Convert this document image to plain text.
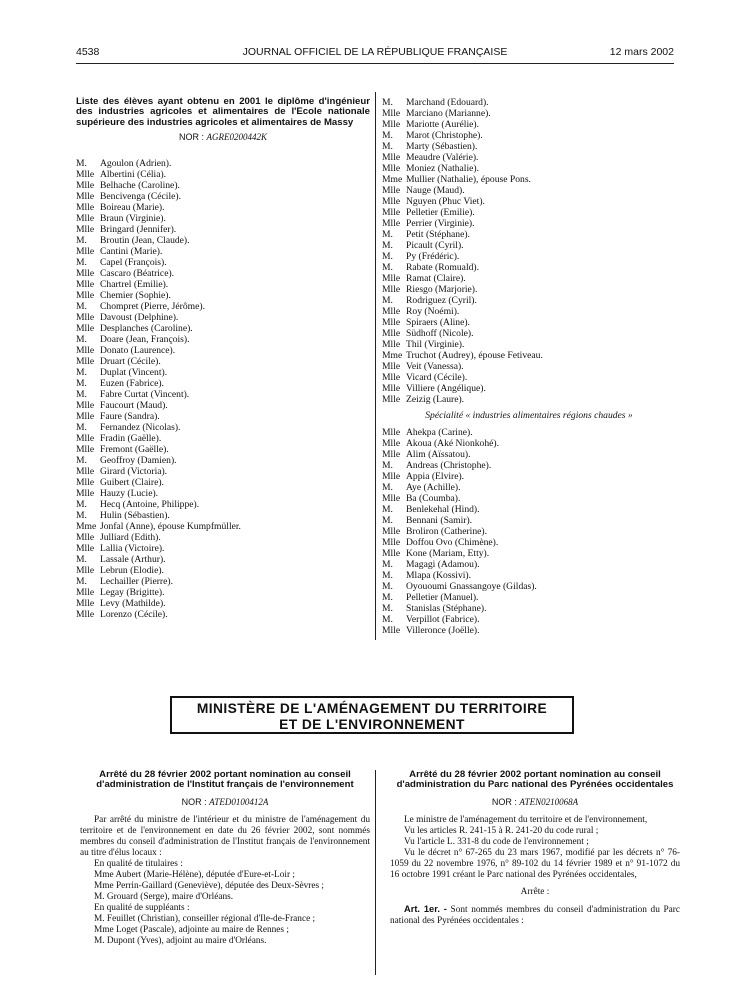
4538	JOURNAL OFFICIEL DE LA RÉPUBLIQUE FRANÇAISE	12 mars 2002
Liste des élèves ayant obtenu en 2001 le diplôme d'ingénieur des industries agricoles et alimentaires de l'Ecole nationale supérieure des industries agricoles et alimentaires de Massy
NOR : AGRE0200442K
M. Agoulon (Adrien).
Mlle Albertini (Célia).
Mlle Belhache (Caroline).
Mlle Bencivenga (Cécile).
Mlle Boireau (Marie).
Mlle Braun (Virginie).
Mlle Bringard (Jennifer).
M. Broutin (Jean, Claude).
Mlle Cantini (Marie).
M. Capel (François).
Mlle Cascaro (Béatrice).
Mlle Chartrel (Emilie).
Mlle Chemier (Sophie).
M. Chompret (Pierre, Jérôme).
Mlle Davoust (Delphine).
Mlle Desplanches (Caroline).
M. Doare (Jean, François).
Mlle Donato (Laurence).
Mlle Druart (Cécile).
M. Duplat (Vincent).
M. Euzen (Fabrice).
M. Fabre Curtat (Vincent).
Mlle Faucourt (Maud).
Mlle Faure (Sandra).
M. Fernandez (Nicolas).
Mlle Fradin (Gaëlle).
Mlle Fremont (Gaëlle).
M. Geoffroy (Damien).
Mlle Girard (Victoria).
Mlle Guibert (Claire).
Mlle Hauzy (Lucie).
M. Hecq (Antoine, Philippe).
M. Hulin (Sébastien).
Mme Jonfal (Anne), épouse Kumpfmüller.
Mlle Julliard (Edith).
Mlle Lallia (Victoire).
M. Lassale (Arthur).
Mlle Lebrun (Elodie).
M. Lechailler (Pierre).
Mlle Legay (Brigitte).
Mlle Levy (Mathilde).
Mlle Lorenzo (Cécile).
M. Marchand (Edouard).
Mlle Marciano (Marianne).
Mlle Mariotte (Aurélie).
M. Marot (Christophe).
M. Marty (Sébastien).
Mlle Meaudre (Valérie).
Mlle Moniez (Nathalie).
Mme Mullier (Nathalie), épouse Pons.
Mlle Nauge (Maud).
Mlle Nguyen (Phuc Viet).
Mlle Pelletier (Emilie).
Mlle Perrier (Virginie).
M. Petit (Stéphane).
M. Picault (Cyril).
M. Py (Frédéric).
M. Rabate (Romuald).
Mlle Ramat (Claire).
Mlle Riesgo (Marjorie).
M. Rodriguez (Cyril).
Mlle Roy (Noémi).
Mlle Spiraers (Aline).
Mlle Südhoff (Nicole).
Mlle Thil (Virginie).
Mme Truchot (Audrey), épouse Fetiveau.
Mlle Veit (Vanessa).
Mlle Vicard (Cécile).
Mlle Villiere (Angélique).
Mlle Zeizig (Laure).
Spécialité « industries alimentaires régions chaudes »
Mlle Ahekpa (Carine).
Mlle Akoua (Aké Nionkohé).
Mlle Alim (Aïssatou).
M. Andreas (Christophe).
Mlle Appia (Elvire).
M. Aye (Achille).
Mlle Ba (Coumba).
M. Benlekehal (Hind).
M. Bennani (Samir).
Mlle Broliron (Catherine).
Mlle Doffou Ovo (Chimène).
Mlle Kone (Mariam, Etty).
M. Magagi (Adamou).
M. Mlapa (Kossivi).
M. Oyououmi Gnassangoye (Gildas).
M. Pelletier (Manuel).
M. Stanislas (Stéphane).
M. Verpillot (Fabrice).
Mlle Villeronce (Joëlle).
MINISTÈRE DE L'AMÉNAGEMENT DU TERRITOIRE
ET DE L'ENVIRONNEMENT
Arrêté du 28 février 2002 portant nomination au conseil d'administration de l'Institut français de l'environnement
NOR : ATED0100412A

Par arrêté du ministre de l'intérieur et du ministre de l'aménagement du territoire et de l'environnement en date du 26 février 2002, sont nommés membres du conseil d'administration de l'Institut français de l'environnement au titre d'élus locaux :

En qualité de titulaires :

Mme Aubert (Marie-Hélène), députée d'Eure-et-Loir ;

Mme Perrin-Gaillard (Geneviève), députée des Deux-Sèvres ;

M. Grouard (Serge), maire d'Orléans.

En qualité de suppléants :

M. Feuillet (Christian), conseiller régional d'Ile-de-France ;

Mme Loget (Pascale), adjointe au maire de Rennes ;

M. Dupont (Yves), adjoint au maire d'Orléans.

Arrêté du 28 février 2002 portant nomination au conseil d'administration du Parc national des Pyrénées occidentales
NOR : ATEN0210068A

Le ministre de l'aménagement du territoire et de l'environnement,

Vu les articles R. 241-15 à R. 241-20 du code rural ;

Vu l'article L. 331-8 du code de l'environnement ;

Vu le décret n° 67-265 du 23 mars 1967, modifié par les décrets n° 76-1059 du 22 novembre 1976, n° 89-102 du 14 février 1989 et n° 91-1072 du 16 octobre 1991 créant le Parc national des Pyrénées occidentales,

Arrête :

Art. 1er. - Sont nommés membres du conseil d'administration du Parc national des Pyrénées occidentales :
